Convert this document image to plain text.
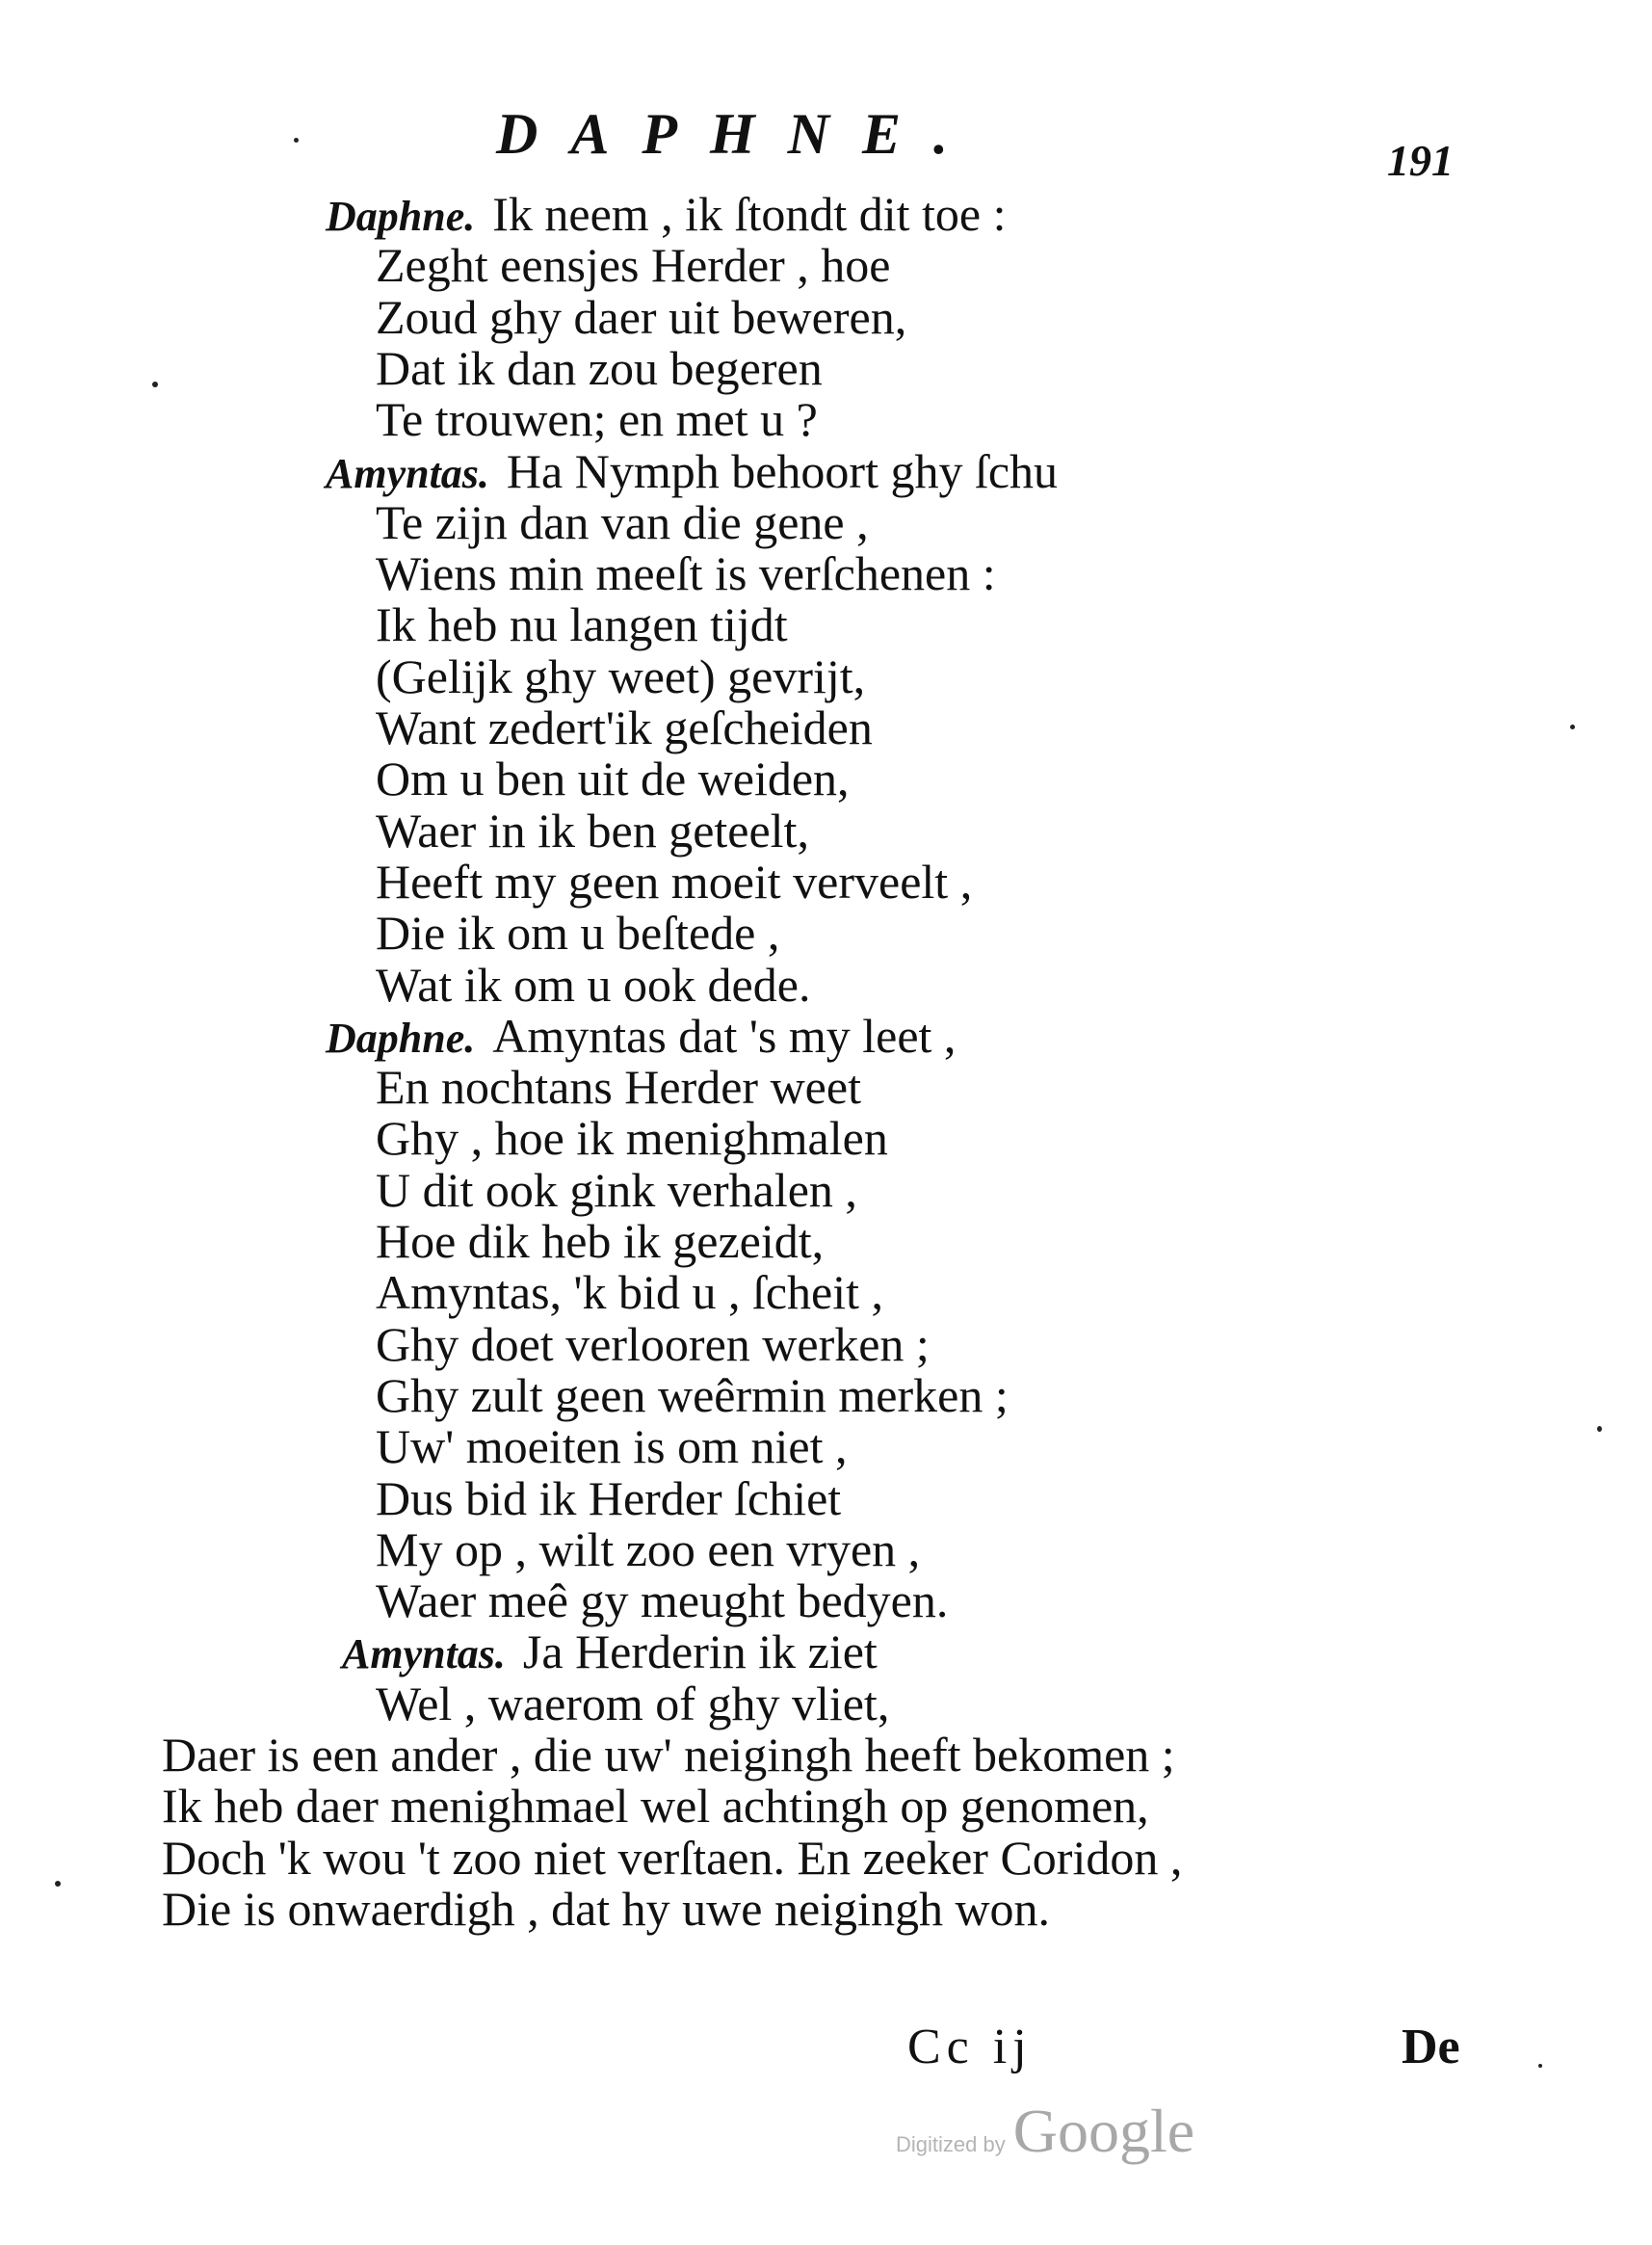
DAPHNE.	191
Daphne. Ik neem , ik ſtondt dit toe :
Zeght eensjes Herder , hoe
Zoud ghy daer uit beweren,
Dat ik dan zou begeren
Te trouwen; en met u ?
Amyntas. Ha Nymph behoort ghy ſchu
Te zijn dan van die gene ,
Wiens min meeſt is verſchenen :
Ik heb nu langen tijdt
(Gelijk ghy weet) gevrijt,
Want zedert'ik geſcheiden
Om u ben uit de weiden,
Waer in ik ben geteelt,
Heeft my geen moeit verveelt ,
Die ik om u beſtede ,
Wat ik om u ook dede.
Daphne. Amyntas dat 's my leet ,
En nochtans Herder weet
Ghy , hoe ik menighmalen
U dit ook gink verhalen ,
Hoe dik heb ik gezeidt,
Amyntas, 'k bid u , ſcheit ,
Ghy doet verlooren werken ;
Ghy zult geen weêrmin merken ;
Uw' moeiten is om niet ,
Dus bid ik Herder ſchiet
My op , wilt zoo een vryen ,
Waer meê gy meught bedyen.
Amyntas. Ja Herderin ik ziet
Wel , waerom of ghy vliet,
Daer is een ander , die uw' neigingh heeft bekomen ;
Ik heb daer menighmael wel achtingh op genomen,
Doch 'k wou 't zoo niet verſtaen. En zeeker Coridon ,
Die is onwaerdigh , dat hy uwe neigingh won.
Cc ij	De
Digitized by Google
